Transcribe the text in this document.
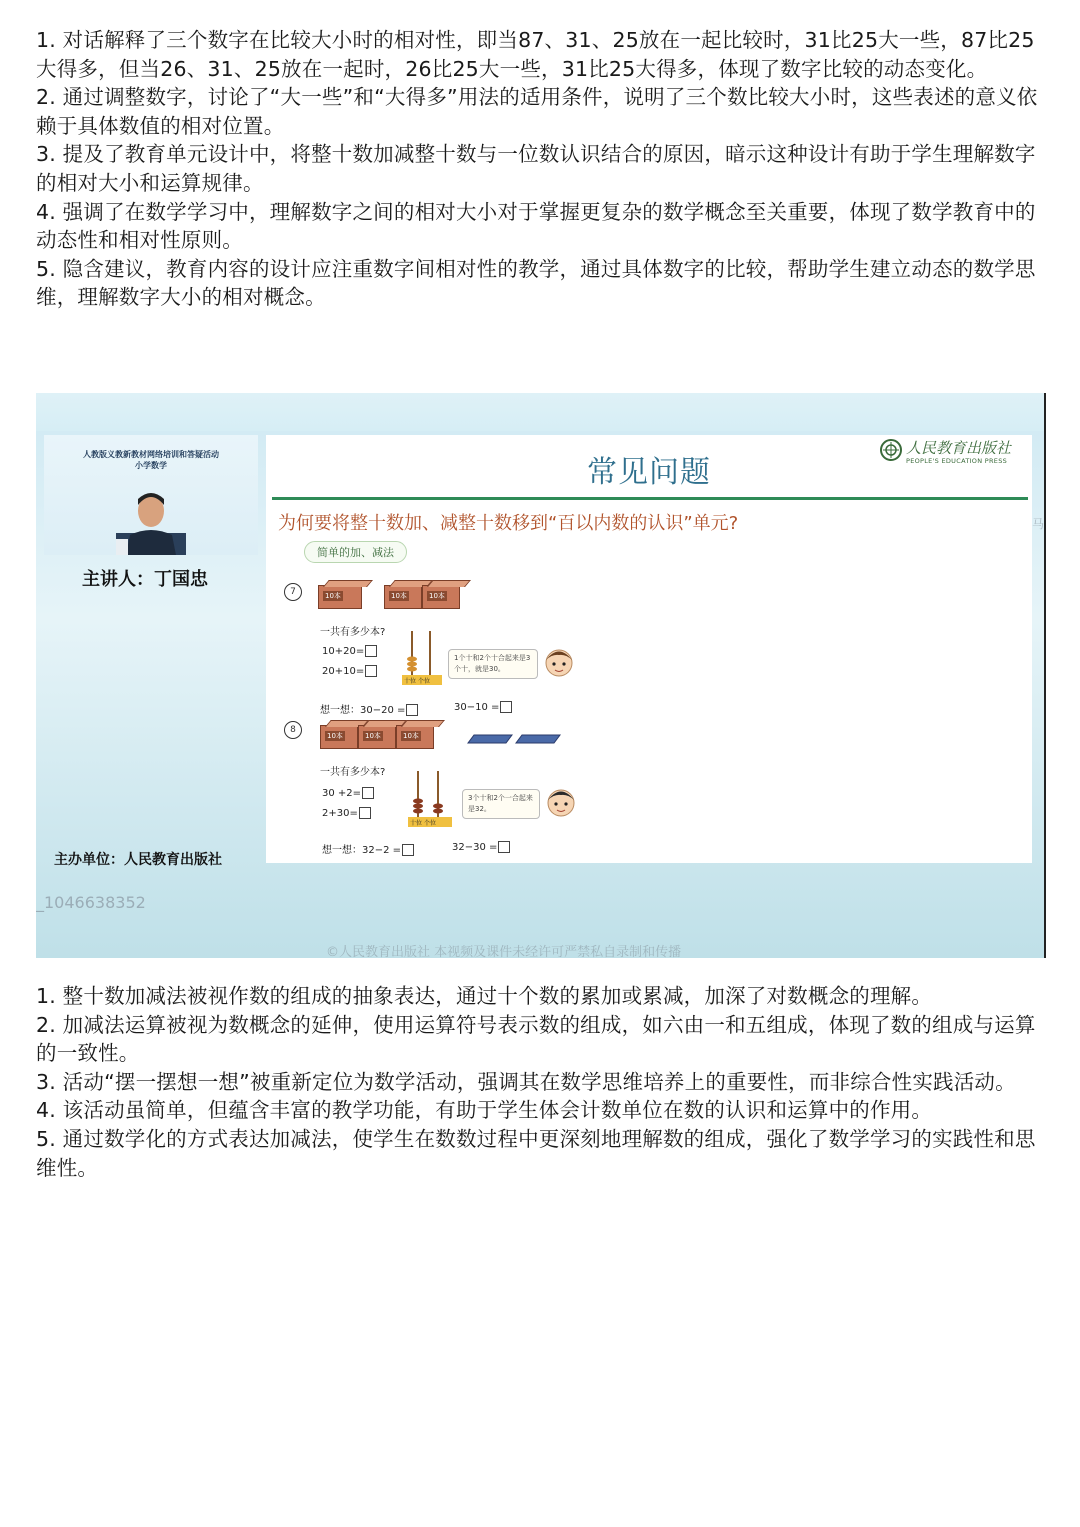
1. 对话解释了三个数字在比较大小时的相对性，即当87、31、25放在一起比较时，31比25大一些，87比25大得多，但当26、31、25放在一起时，26比25大一些，31比25大得多，体现了数字比较的动态变化。

2. 通过调整数字，讨论了“大一些”和“大得多”用法的适用条件，说明了三个数比较大小时，这些表述的意义依赖于具体数值的相对位置。

3. 提及了教育单元设计中，将整十数加减整十数与一位数认识结合的原因，暗示这种设计有助于学生理解数字的相对大小和运算规律。

4. 强调了在数学学习中，理解数字之间的相对大小对于掌握更复杂的数学概念至关重要，体现了数学教育中的动态性和相对性原则。

5. 隐含建议，教育内容的设计应注重数字间相对性的教学，通过具体数字的比较，帮助学生建立动态的数学思维，理解数字大小的相对概念。

人教版义教新教材网络培训和答疑活动
小学数学
主讲人：丁国忠
主办单位：人民教育出版社
_1046638352
©人民教育出版社 本视频及课件未经许可严禁私自录制和传播
马
人民教育出版社
PEOPLE'S EDUCATION PRESS
常见问题
为何要将整十数加、减整十数移到“百以内数的认识”单元?
简单的加、减法
7	10本	10本	10本
一共有多少本?
10+20=
20+10=
十位 个位
1个十和2个十合起来是3个十，就是30。
想一想：30−20 =	30−10 =
8
10本	10本	10本
一共有多少本?
30 +2=
2+30=
十位 个位
3个十和2个一合起来是32。
想一想：32−2 =	32−30 =

1. 整十数加减法被视作数的组成的抽象表达，通过十个数的累加或累减，加深了对数概念的理解。

2. 加减法运算被视为数概念的延伸，使用运算符号表示数的组成，如六由一和五组成，体现了数的组成与运算的一致性。

3. 活动“摆一摆想一想”被重新定位为数学活动，强调其在数学思维培养上的重要性，而非综合性实践活动。

4. 该活动虽简单，但蕴含丰富的教学功能，有助于学生体会计数单位在数的认识和运算中的作用。

5. 通过数学化的方式表达加减法，使学生在数数过程中更深刻地理解数的组成，强化了数学学习的实践性和思维性。
